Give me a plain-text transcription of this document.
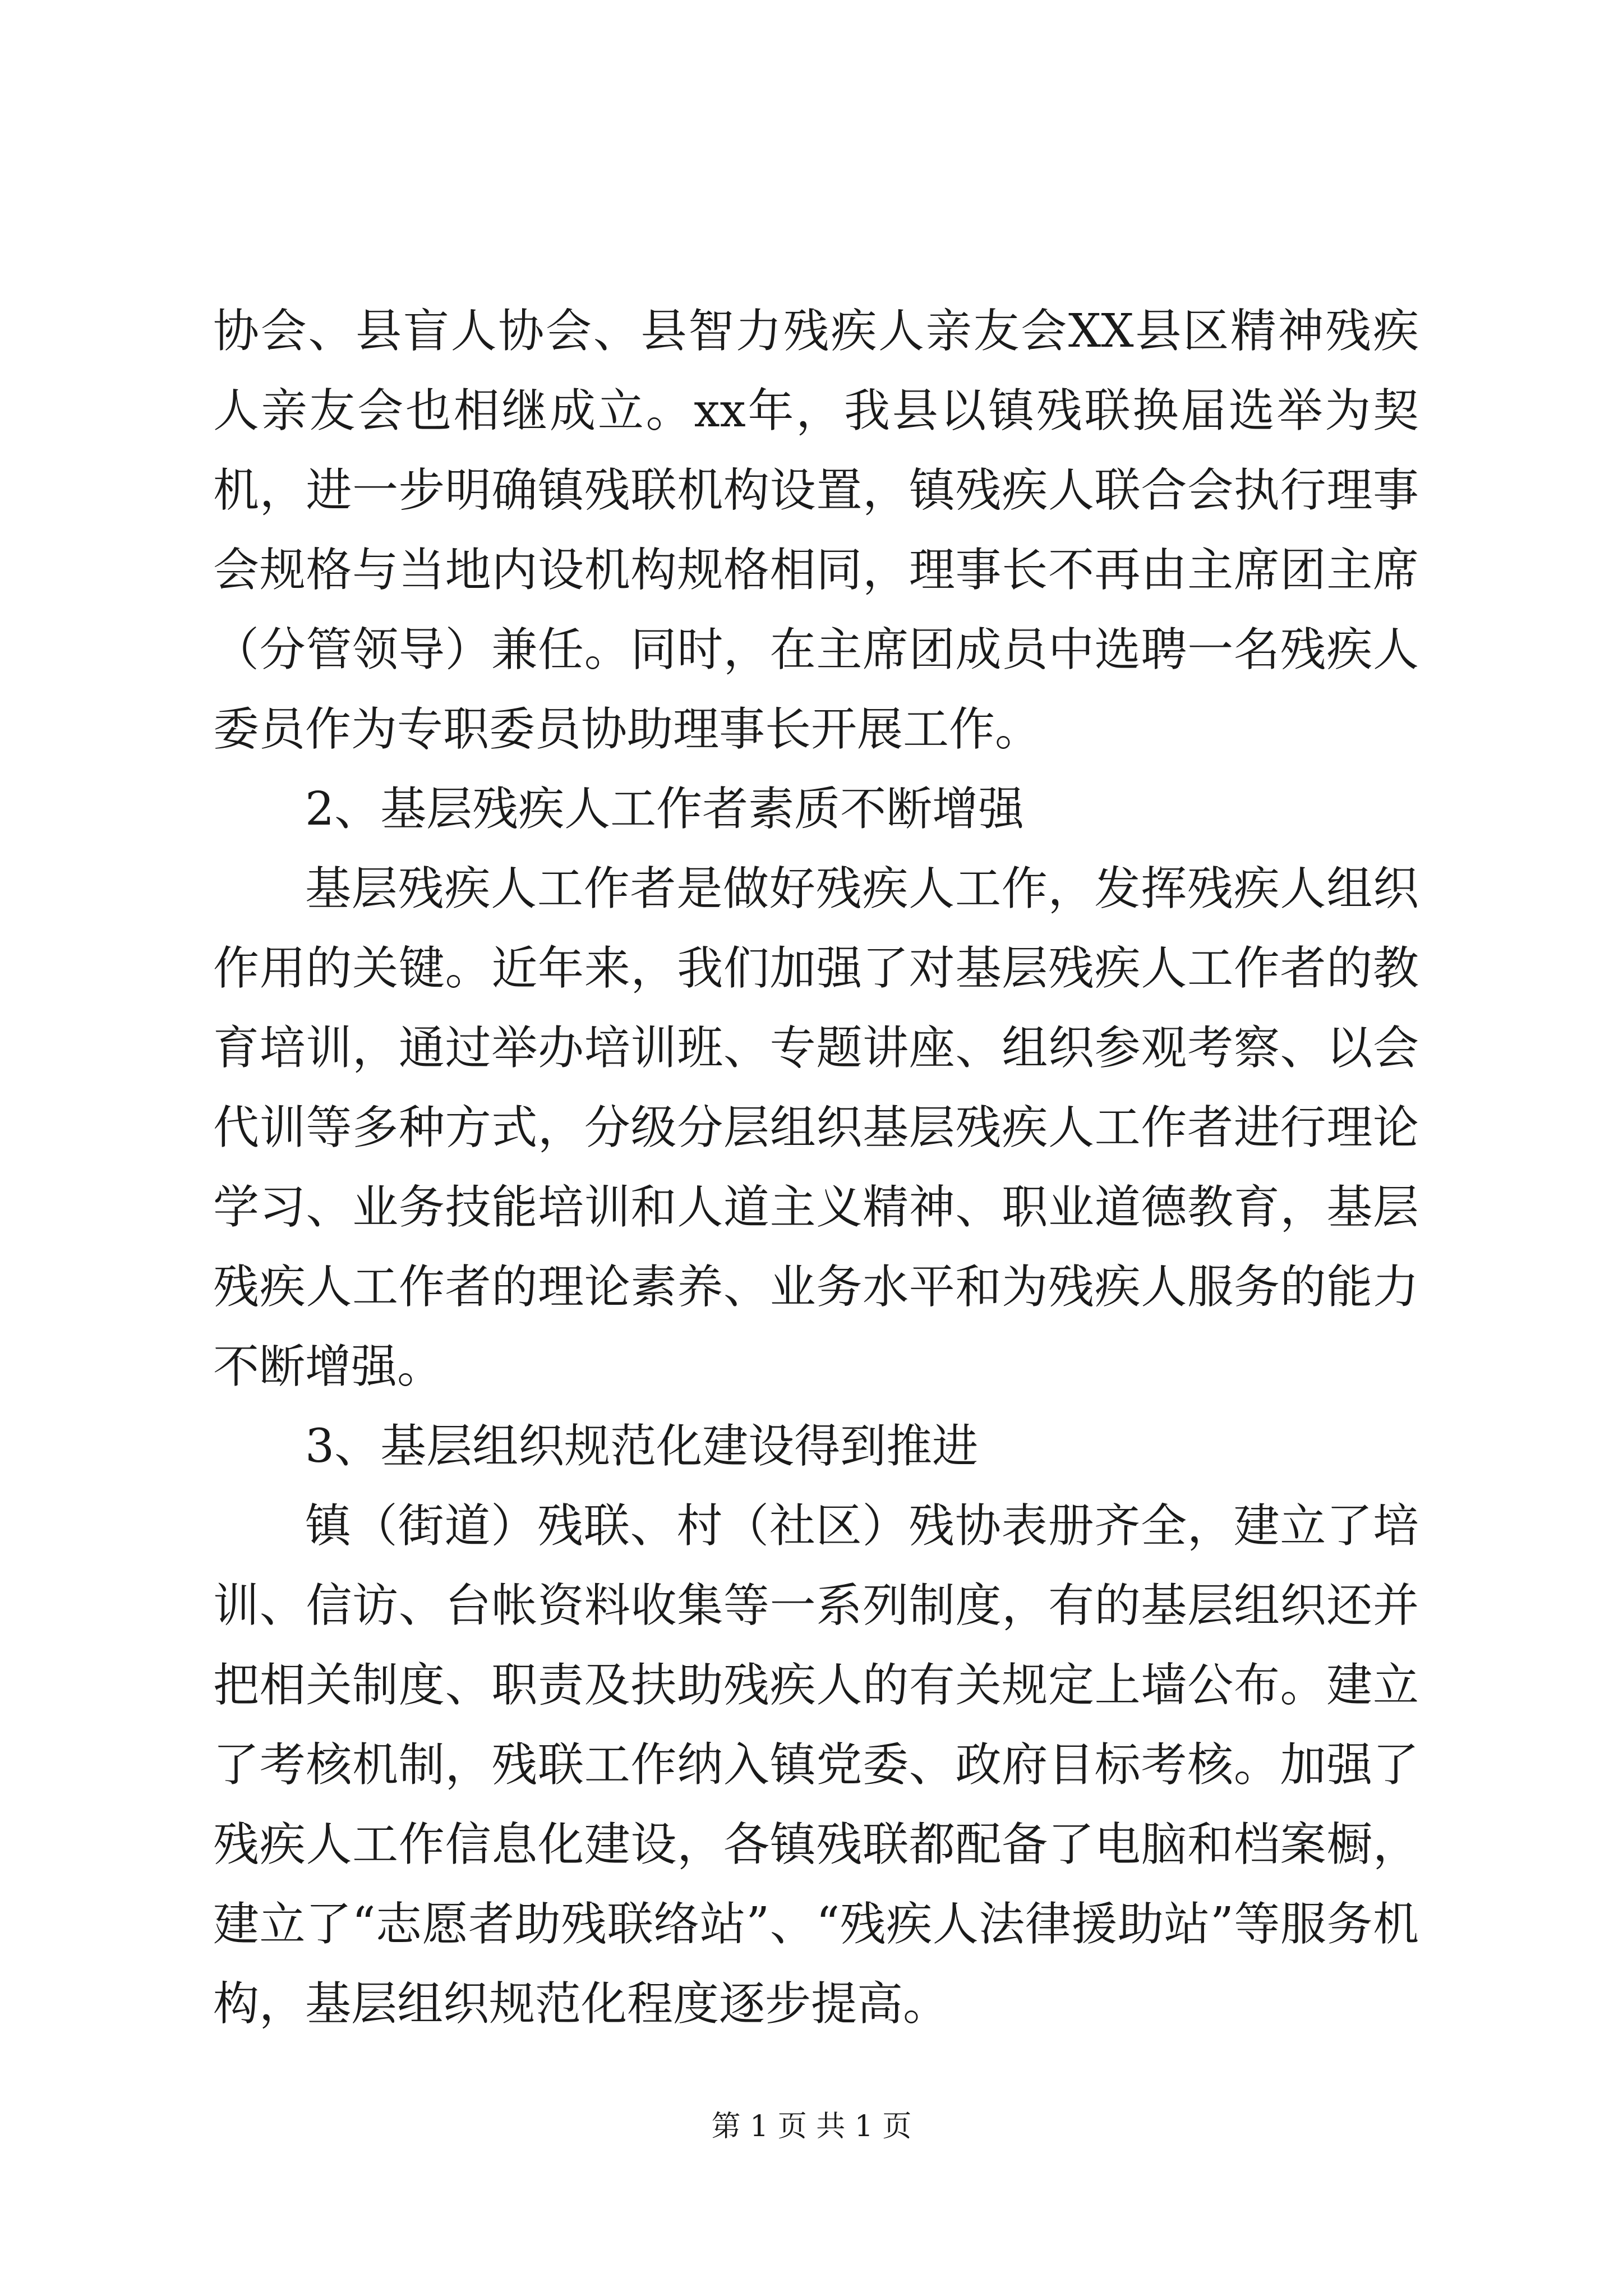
协会、县盲人协会、县智力残疾人亲友会XX县区精神残疾人亲友会也相继成立。xx年，我县以镇残联换届选举为契机，进一步明确镇残联机构设置，镇残疾人联合会执行理事会规格与当地内设机构规格相同，理事长不再由主席团主席（分管领导）兼任。同时，在主席团成员中选聘一名残疾人委员作为专职委员协助理事长开展工作。

2、基层残疾人工作者素质不断增强

基层残疾人工作者是做好残疾人工作，发挥残疾人组织作用的关键。近年来，我们加强了对基层残疾人工作者的教育培训，通过举办培训班、专题讲座、组织参观考察、以会代训等多种方式，分级分层组织基层残疾人工作者进行理论学习、业务技能培训和人道主义精神、职业道德教育，基层残疾人工作者的理论素养、业务水平和为残疾人服务的能力不断增强。

3、基层组织规范化建设得到推进

镇（街道）残联、村（社区）残协表册齐全，建立了培训、信访、台帐资料收集等一系列制度，有的基层组织还并把相关制度、职责及扶助残疾人的有关规定上墙公布。建立了考核机制，残联工作纳入镇党委、政府目标考核。加强了残疾人工作信息化建设，各镇残联都配备了电脑和档案橱，建立了“志愿者助残联络站”、“残疾人法律援助站”等服务机构，基层组织规范化程度逐步提高。

第 1 页 共 1 页
